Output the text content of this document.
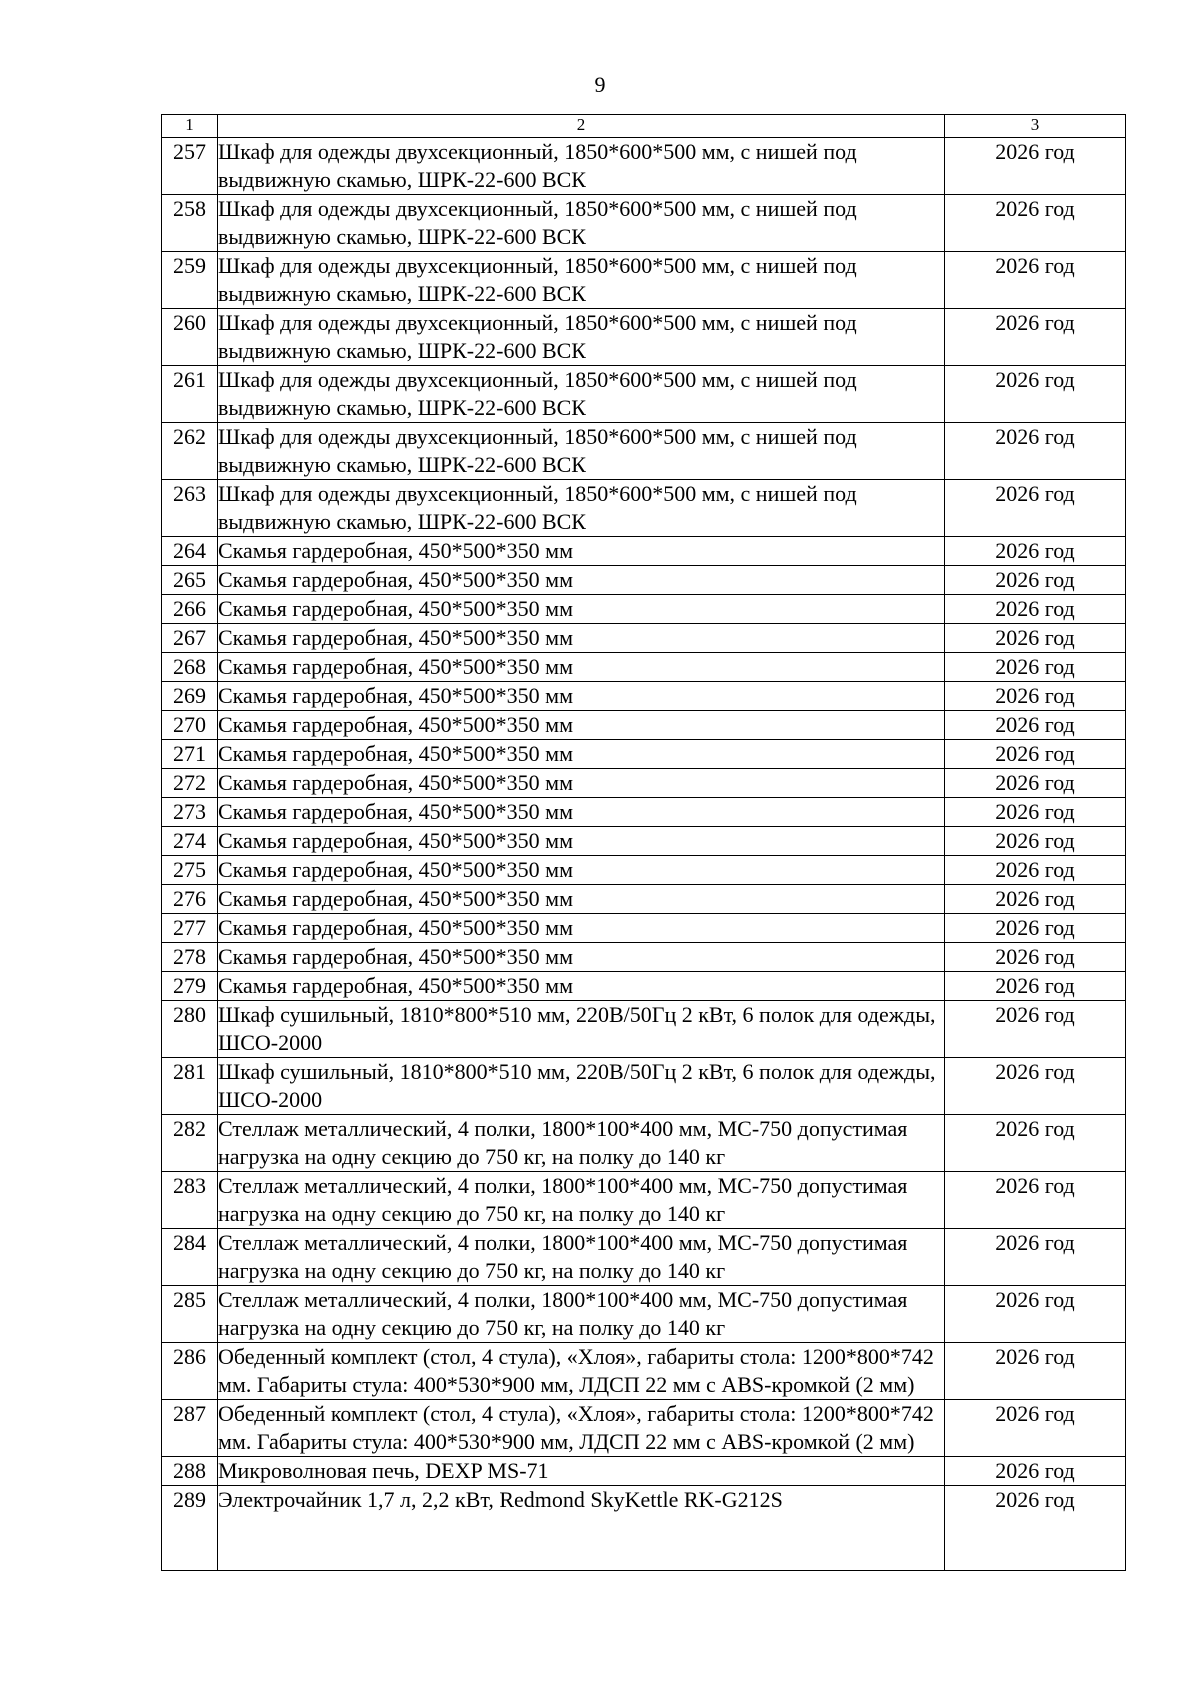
9
1	2	3
257	Шкаф для одежды двухсекционный, 1850*600*500 мм, с нишей под выдвижную скамью, ШРК-22-600 ВСК	2026 год
258	Шкаф для одежды двухсекционный, 1850*600*500 мм, с нишей под выдвижную скамью, ШРК-22-600 ВСК	2026 год
259	Шкаф для одежды двухсекционный, 1850*600*500 мм, с нишей под выдвижную скамью, ШРК-22-600 ВСК	2026 год
260	Шкаф для одежды двухсекционный, 1850*600*500 мм, с нишей под выдвижную скамью, ШРК-22-600 ВСК	2026 год
261	Шкаф для одежды двухсекционный, 1850*600*500 мм, с нишей под выдвижную скамью, ШРК-22-600 ВСК	2026 год
262	Шкаф для одежды двухсекционный, 1850*600*500 мм, с нишей под выдвижную скамью, ШРК-22-600 ВСК	2026 год
263	Шкаф для одежды двухсекционный, 1850*600*500 мм, с нишей под выдвижную скамью, ШРК-22-600 ВСК	2026 год
264	Скамья гардеробная, 450*500*350 мм	2026 год
265	Скамья гардеробная, 450*500*350 мм	2026 год
266	Скамья гардеробная, 450*500*350 мм	2026 год
267	Скамья гардеробная, 450*500*350 мм	2026 год
268	Скамья гардеробная, 450*500*350 мм	2026 год
269	Скамья гардеробная, 450*500*350 мм	2026 год
270	Скамья гардеробная, 450*500*350 мм	2026 год
271	Скамья гардеробная, 450*500*350 мм	2026 год
272	Скамья гардеробная, 450*500*350 мм	2026 год
273	Скамья гардеробная, 450*500*350 мм	2026 год
274	Скамья гардеробная, 450*500*350 мм	2026 год
275	Скамья гардеробная, 450*500*350 мм	2026 год
276	Скамья гардеробная, 450*500*350 мм	2026 год
277	Скамья гардеробная, 450*500*350 мм	2026 год
278	Скамья гардеробная, 450*500*350 мм	2026 год
279	Скамья гардеробная, 450*500*350 мм	2026 год
280	Шкаф сушильный, 1810*800*510 мм, 220В/50Гц 2 кВт, 6 полок для одежды, ШСО-2000	2026 год
281	Шкаф сушильный, 1810*800*510 мм, 220В/50Гц 2 кВт, 6 полок для одежды, ШСО-2000	2026 год
282	Стеллаж металлический, 4 полки, 1800*100*400 мм, МС-750 допустимая нагрузка на одну секцию до 750 кг, на полку до 140 кг	2026 год
283	Стеллаж металлический, 4 полки, 1800*100*400 мм, МС-750 допустимая нагрузка на одну секцию до 750 кг, на полку до 140 кг	2026 год
284	Стеллаж металлический, 4 полки, 1800*100*400 мм, МС-750 допустимая нагрузка на одну секцию до 750 кг, на полку до 140 кг	2026 год
285	Стеллаж металлический, 4 полки, 1800*100*400 мм, МС-750 допустимая нагрузка на одну секцию до 750 кг, на полку до 140 кг	2026 год
286	Обеденный комплект (стол, 4 стула), «Хлоя», габариты стола: 1200*800*742 мм. Габариты стула: 400*530*900 мм, ЛДСП 22 мм с ABS-кромкой (2 мм)	2026 год
287	Обеденный комплект (стол, 4 стула), «Хлоя», габариты стола: 1200*800*742 мм. Габариты стула: 400*530*900 мм, ЛДСП 22 мм с ABS-кромкой (2 мм)	2026 год
288	Микроволновая печь, DEXP MS-71	2026 год
289	Электрочайник 1,7 л, 2,2 кВт, Redmond SkyKettle RK-G212S	2026 год
